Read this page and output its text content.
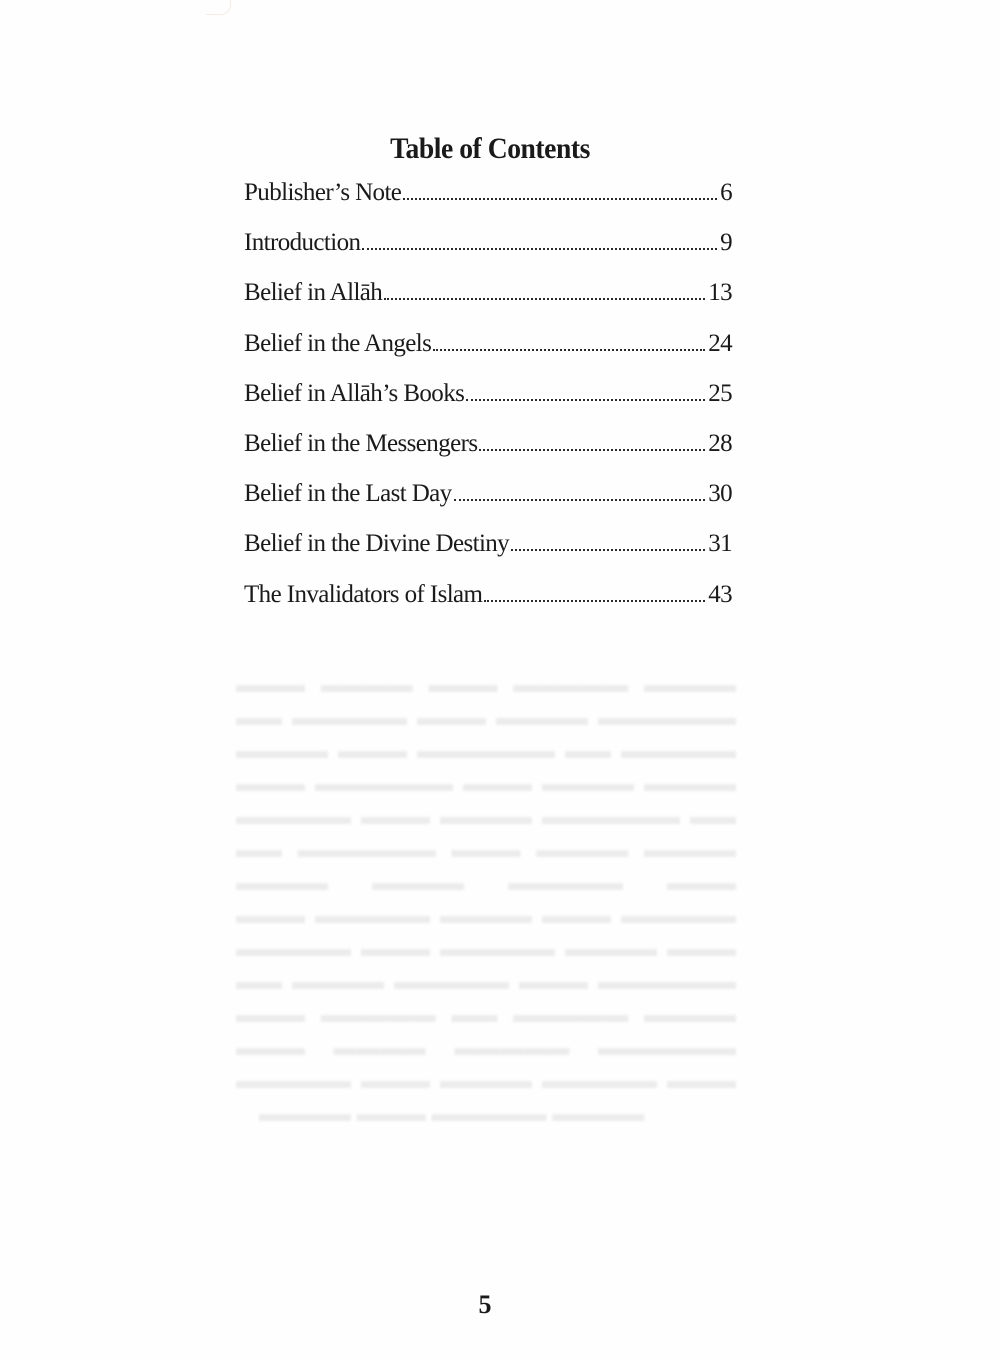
Table of Contents
Publisher’s Note	6
Introduction	9
Belief in Allāh	13
Belief in the Angels	24
Belief in Allāh’s Books	25
Belief in the Messengers	28
Belief in the Last Day	30
Belief in the Divine Destiny	31
The Invalidators of Islam	43
▬▬▬ ▬▬▬▬ ▬▬▬ ▬▬▬▬▬ ▬▬▬▬
▬▬ ▬▬▬▬▬ ▬▬▬ ▬▬▬▬ ▬▬▬▬▬▬
▬▬▬▬ ▬▬▬ ▬▬▬▬▬▬ ▬▬ ▬▬▬▬▬
▬▬▬ ▬▬▬▬▬▬ ▬▬▬ ▬▬▬▬ ▬▬▬▬
▬▬▬▬▬ ▬▬▬ ▬▬▬▬ ▬▬▬▬▬▬ ▬▬
▬▬ ▬▬▬▬▬▬ ▬▬▬ ▬▬▬▬ ▬▬▬▬
▬▬▬▬ ▬▬▬▬ ▬▬▬▬▬ ▬▬▬
▬▬▬ ▬▬▬▬▬ ▬▬▬▬ ▬▬▬ ▬▬▬▬▬
▬▬▬▬▬ ▬▬▬ ▬▬▬▬▬ ▬▬▬▬ ▬▬▬
▬▬ ▬▬▬▬ ▬▬▬▬▬ ▬▬▬ ▬▬▬▬▬▬
▬▬▬ ▬▬▬▬▬ ▬▬ ▬▬▬▬▬ ▬▬▬▬
▬▬▬ ▬▬▬▬ ▬▬▬▬▬ ▬▬▬▬▬▬
▬▬▬▬▬ ▬▬▬ ▬▬▬▬ ▬▬▬▬▬ ▬▬▬
▬▬▬▬ ▬▬▬ ▬▬▬▬▬ ▬▬▬▬
5
